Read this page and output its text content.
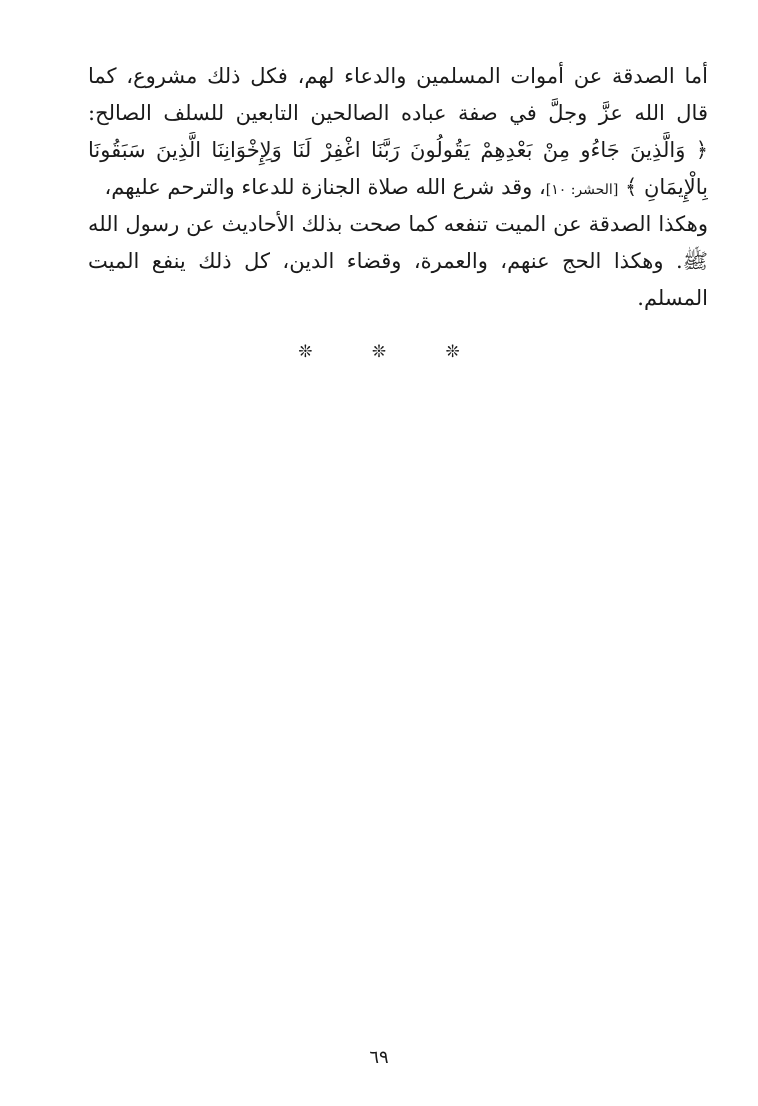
أما الصدقة عن أموات المسلمين والدعاء لهم، فكل ذلك مشروع، كما
قال الله عزَّ وجلَّ في صفة عباده الصالحين التابعين للسلف الصالح:
﴿ وَالَّذِينَ جَاءُو مِنْ بَعْدِهِمْ يَقُولُونَ رَبَّنَا اغْفِرْ لَنَا وَلِإِخْوَانِنَا الَّذِينَ سَبَقُونَا
بِالْإِيمَانِ ﴾ [الحشر: ١٠]، وقد شرع الله صلاة الجنازة للدعاء والترحم عليهم،
وهكذا الصدقة عن الميت تنفعه كما صحت بذلك الأحاديث عن رسول الله
ﷺ. وهكذا الحج عنهم، والعمرة، وقضاء الدين، كل ذلك ينفع الميت
المسلم.
❊	❊	❊
٦٩
